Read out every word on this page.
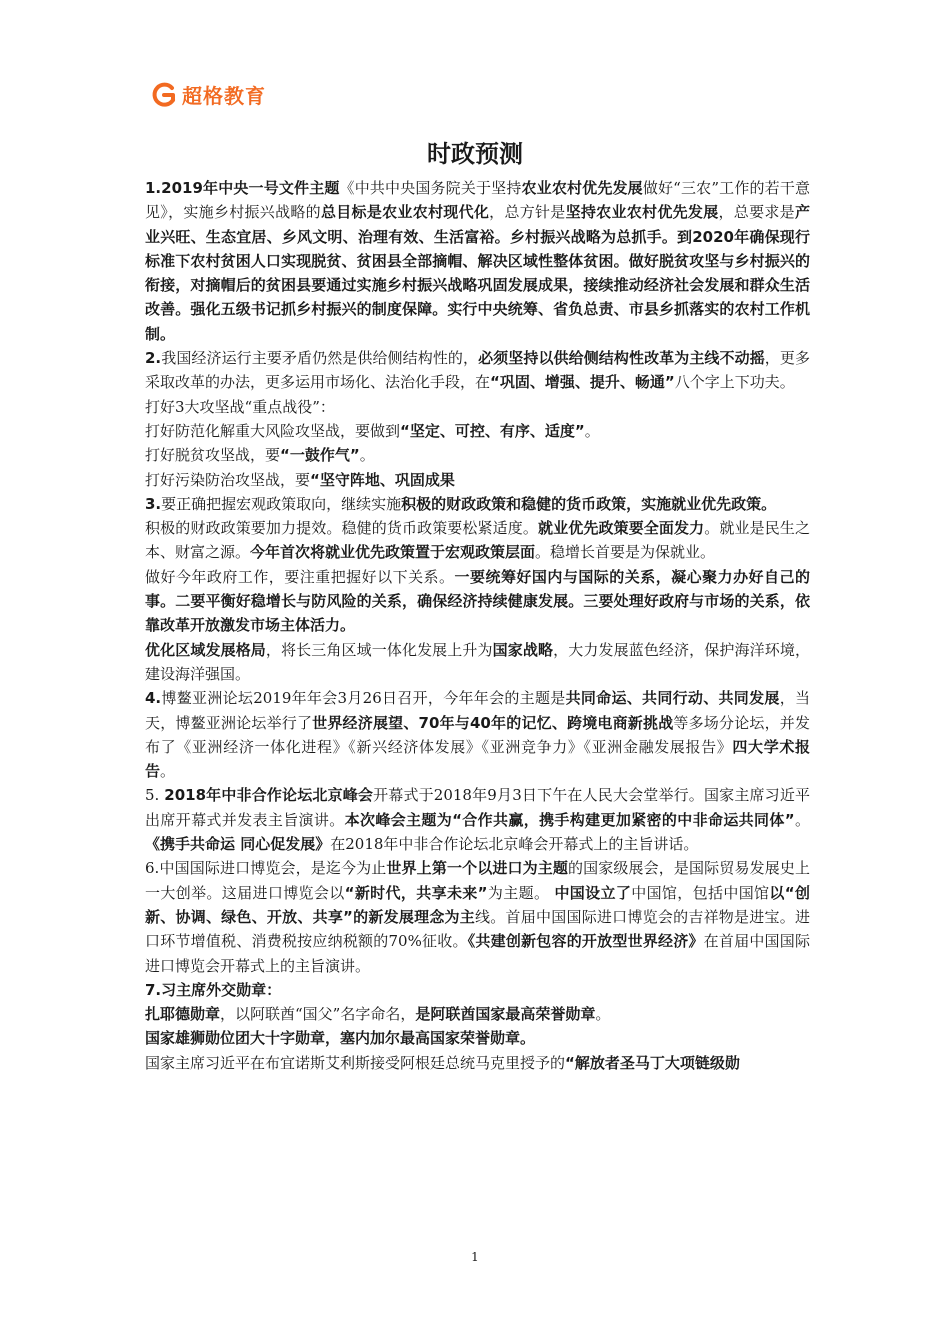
超格教育
时政预测

1.2019年中央一号文件主题《中共中央国务院关于坚持农业农村优先发展做好“三农”工作的若干意见》，实施乡村振兴战略的总目标是农业农村现代化，总方针是坚持农业农村优先发展，总要求是产业兴旺、生态宜居、乡风文明、治理有效、生活富裕。乡村振兴战略为总抓手。到2020年确保现行标准下农村贫困人口实现脱贫、贫困县全部摘帽、解决区域性整体贫困。做好脱贫攻坚与乡村振兴的衔接，对摘帽后的贫困县要通过实施乡村振兴战略巩固发展成果，接续推动经济社会发展和群众生活改善。强化五级书记抓乡村振兴的制度保障。实行中央统筹、省负总责、市县乡抓落实的农村工作机制。

2.我国经济运行主要矛盾仍然是供给侧结构性的，必须坚持以供给侧结构性改革为主线不动摇，更多采取改革的办法，更多运用市场化、法治化手段，在“巩固、增强、提升、畅通”八个字上下功夫。

打好3大攻坚战“重点战役”：

打好防范化解重大风险攻坚战，要做到“坚定、可控、有序、适度”。

打好脱贫攻坚战，要“一鼓作气”。

打好污染防治攻坚战，要“坚守阵地、巩固成果

3.要正确把握宏观政策取向，继续实施积极的财政政策和稳健的货币政策，实施就业优先政策。

积极的财政政策要加力提效。稳健的货币政策要松紧适度。就业优先政策要全面发力。就业是民生之本、财富之源。今年首次将就业优先政策置于宏观政策层面。稳增长首要是为保就业。

做好今年政府工作，要注重把握好以下关系。一要统筹好国内与国际的关系，凝心聚力办好自己的事。二要平衡好稳增长与防风险的关系，确保经济持续健康发展。三要处理好政府与市场的关系，依靠改革开放激发市场主体活力。

优化区域发展格局，将长三角区域一体化发展上升为国家战略，大力发展蓝色经济，保护海洋环境，建设海洋强国。

4.博鳌亚洲论坛2019年年会3月26日召开，今年年会的主题是共同命运、共同行动、共同发展，当天，博鳌亚洲论坛举行了世界经济展望、70年与40年的记忆、跨境电商新挑战等多场分论坛，并发布了《亚洲经济一体化进程》《新兴经济体发展》《亚洲竞争力》《亚洲金融发展报告》四大学术报告。

5. 2018年中非合作论坛北京峰会开幕式于2018年9月3日下午在人民大会堂举行。国家主席习近平出席开幕式并发表主旨演讲。本次峰会主题为“合作共赢，携手构建更加紧密的中非命运共同体”。《携手共命运 同心促发展》在2018年中非合作论坛北京峰会开幕式上的主旨讲话。

6.中国国际进口博览会，是迄今为止世界上第一个以进口为主题的国家级展会，是国际贸易发展史上一大创举。这届进口博览会以“新时代，共享未来”为主题。 中国设立了中国馆，包括中国馆以“创新、协调、绿色、开放、共享”的新发展理念为主线。首届中国国际进口博览会的吉祥物是进宝。进口环节增值税、消费税按应纳税额的70%征收。《共建创新包容的开放型世界经济》在首届中国国际进口博览会开幕式上的主旨演讲。

7.习主席外交勋章：

扎耶德勋章，以阿联酋“国父”名字命名，是阿联酋国家最高荣誉勋章。

国家雄狮勋位团大十字勋章，塞内加尔最高国家荣誉勋章。

国家主席习近平在布宜诺斯艾利斯接受阿根廷总统马克里授予的“解放者圣马丁大项链级勋

1
